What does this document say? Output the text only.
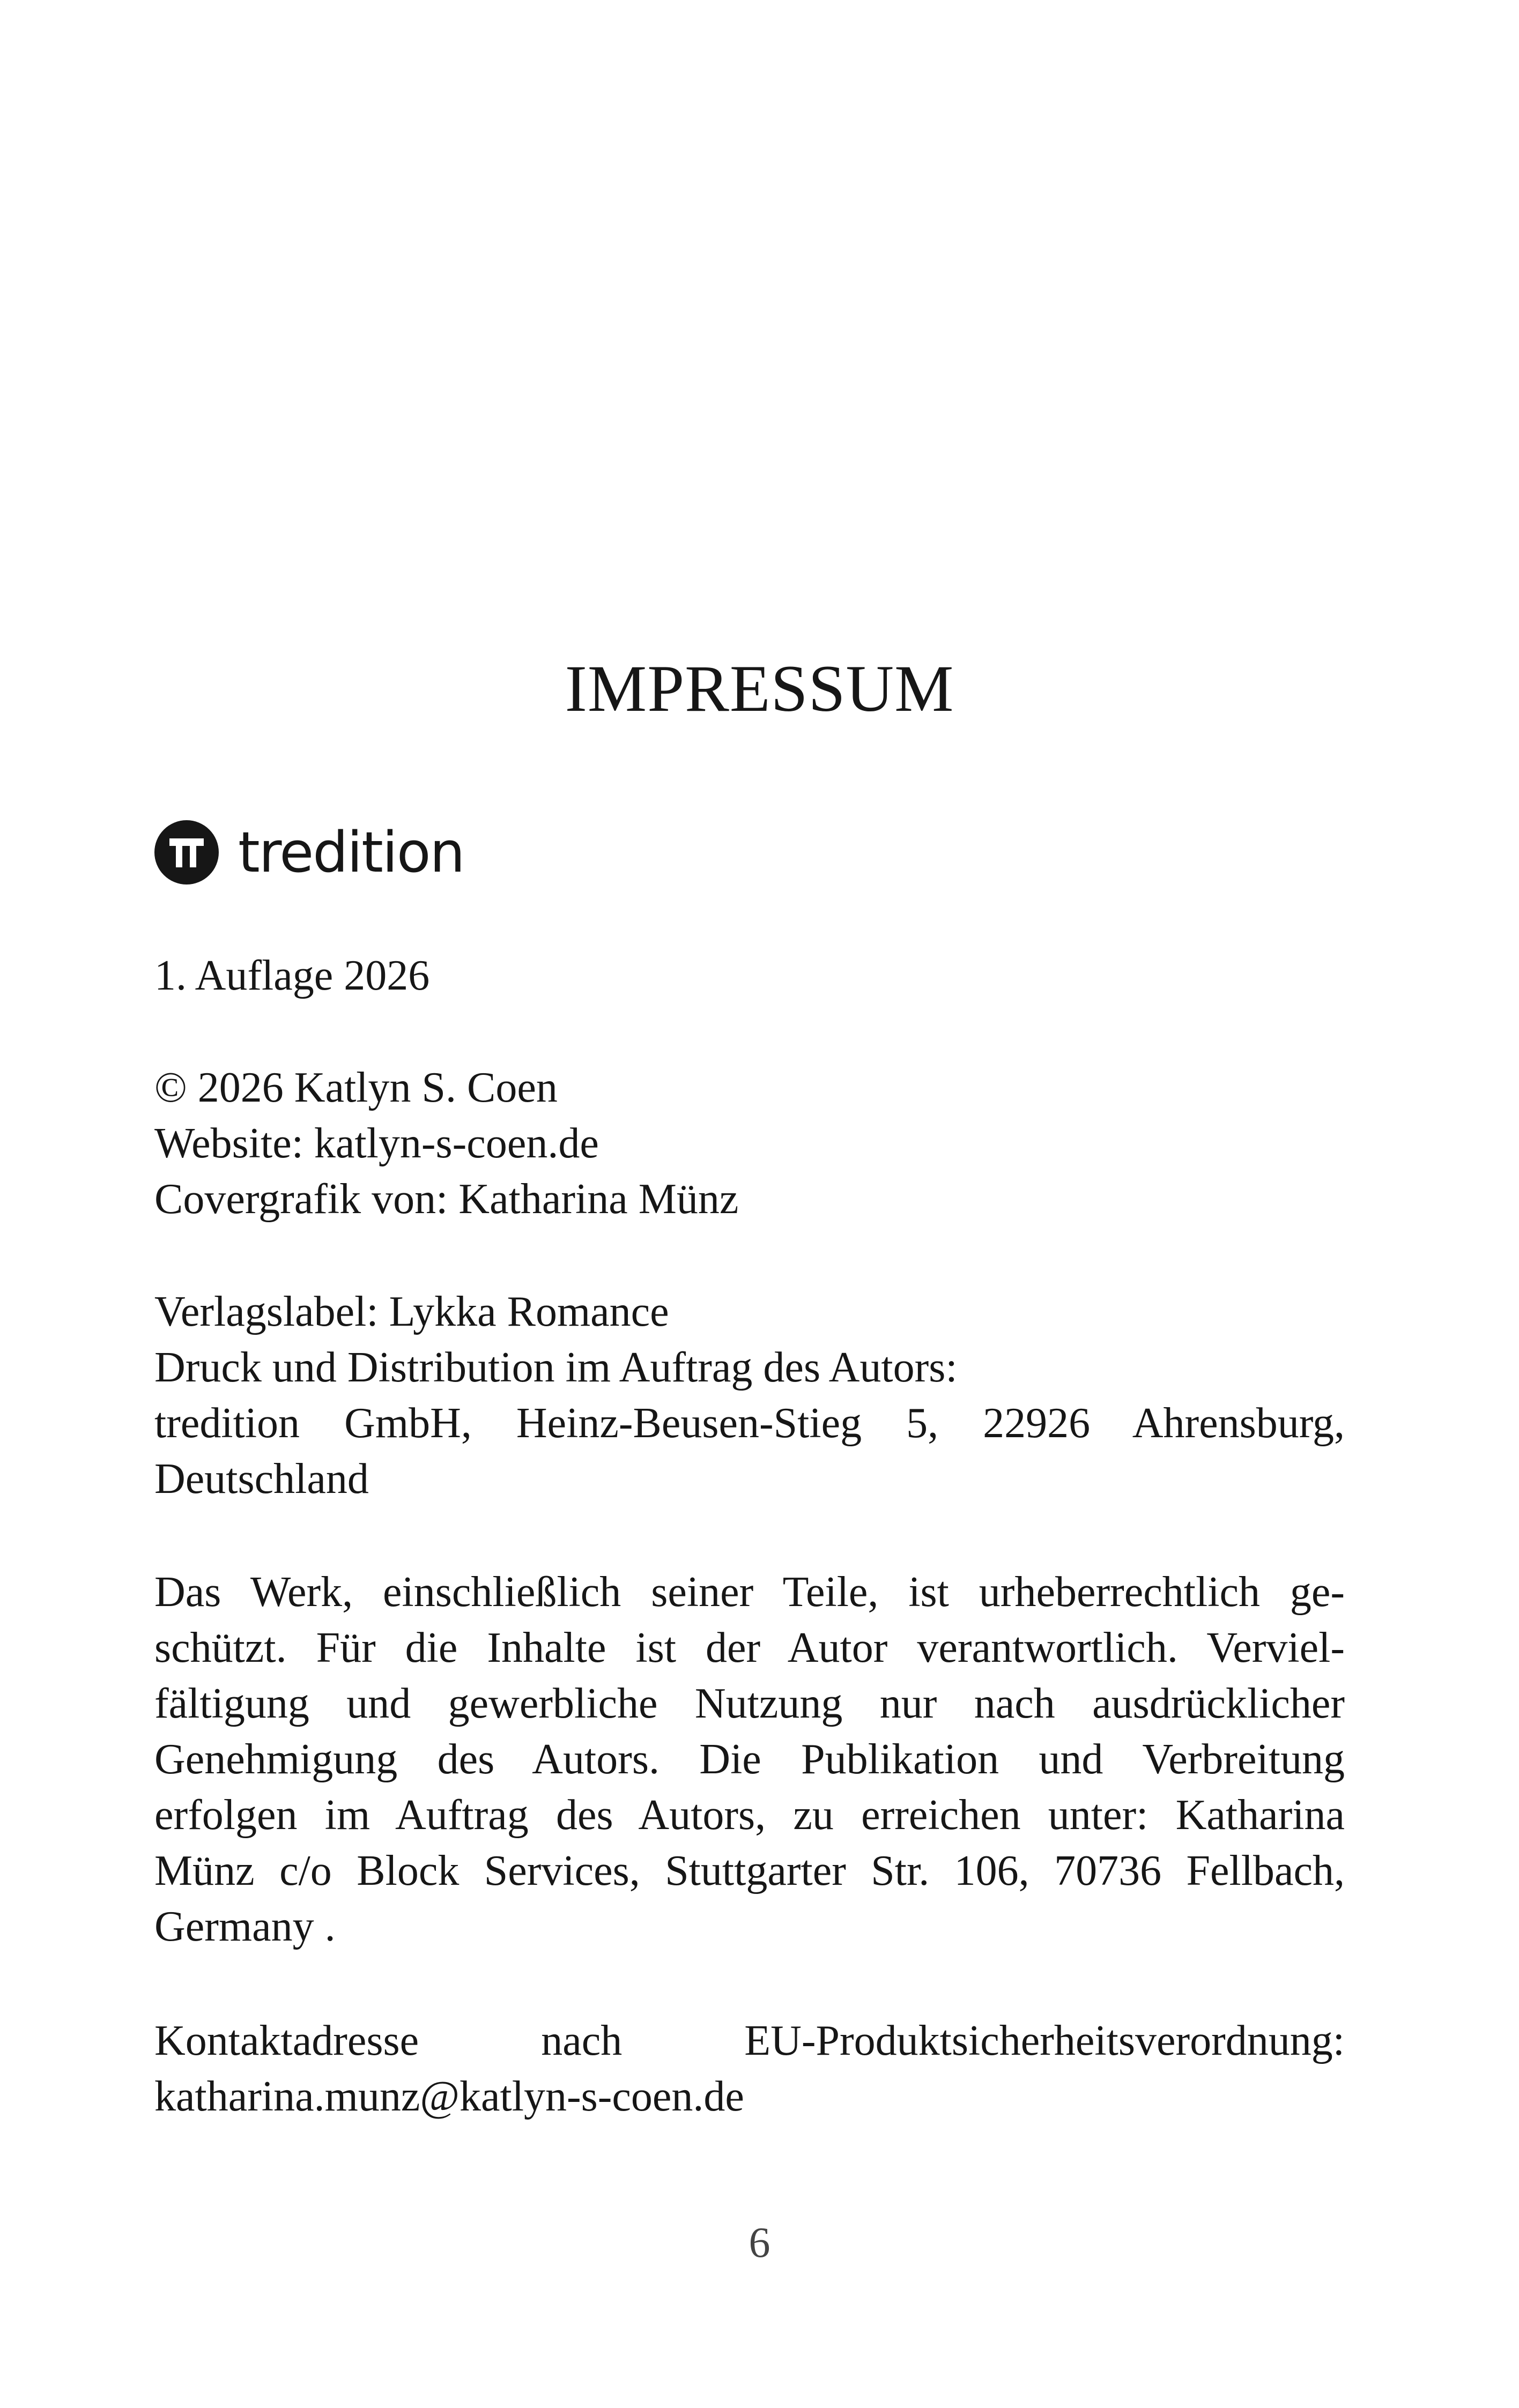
IMPRESSUM
tredition
1. Auflage 2026
© 2026 Katlyn S. Coen
Website: katlyn-s-coen.de
Covergrafik von: Katharina Münz
Verlagslabel: Lykka Romance
Druck und Distribution im Auftrag des Autors:
tredition GmbH, Heinz-Beusen-Stieg 5, 22926 Ahrensburg,
Deutschland
Das Werk, einschließlich seiner Teile, ist urheberrechtlich ge-
schützt. Für die Inhalte ist der Autor verantwortlich. Verviel-
fältigung und gewerbliche Nutzung nur nach ausdrücklicher
Genehmigung des Autors. Die Publikation und Verbreitung
erfolgen im Auftrag des Autors, zu erreichen unter: Katharina
Münz c/o Block Services, Stuttgarter Str. 106, 70736 Fellbach,
Germany .
Kontaktadresse nach EU-Produktsicherheitsverordnung:
katharina.munz@katlyn-s-coen.de
6
